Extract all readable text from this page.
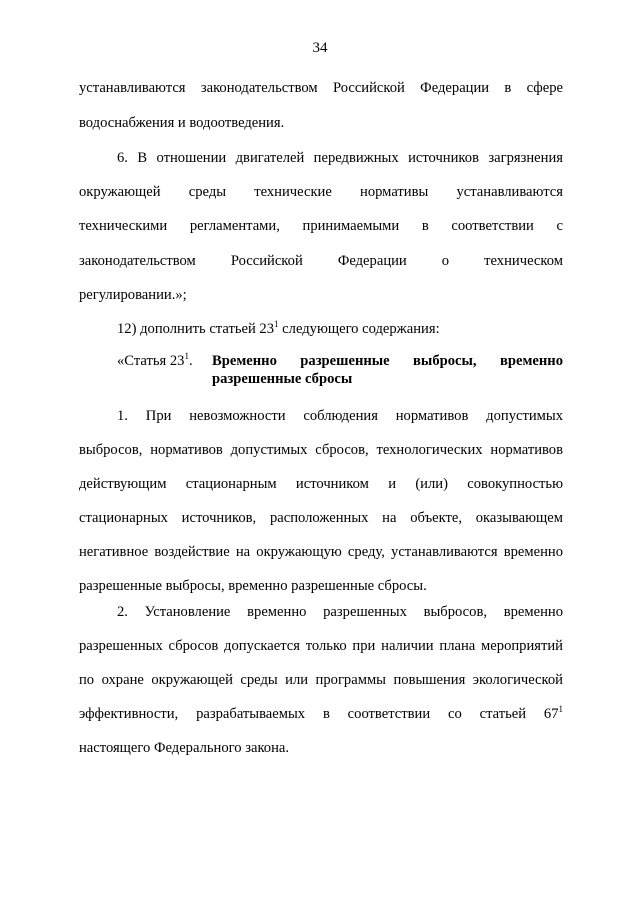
34
устанавливаются законодательством Российской Федерации в сфере
водоснабжения и водоотведения.
6. В отношении двигателей передвижных источников загрязнения
окружающей среды технические нормативы устанавливаются
техническими регламентами, принимаемыми в соответствии с
законодательством Российской Федерации о техническом
регулировании.»;
12) дополнить статьей $23^1$ следующего содержания:
«Статья $23^1$. Временно разрешенные выбросы, временно
разрешенные сбросы
1. При невозможности соблюдения нормативов допустимых
выбросов, нормативов допустимых сбросов, технологических нормативов
действующим стационарным источником и (или) совокупностью
стационарных источников, расположенных на объекте, оказывающем
негативное воздействие на окружающую среду, устанавливаются временно
разрешенные выбросы, временно разрешенные сбросы.
2. Установление временно разрешенных выбросов, временно
разрешенных сбросов допускается только при наличии плана мероприятий
по охране окружающей среды или программы повышения экологической
эффективности, разрабатываемых в соответствии со статьей $67^1$
настоящего Федерального закона.
